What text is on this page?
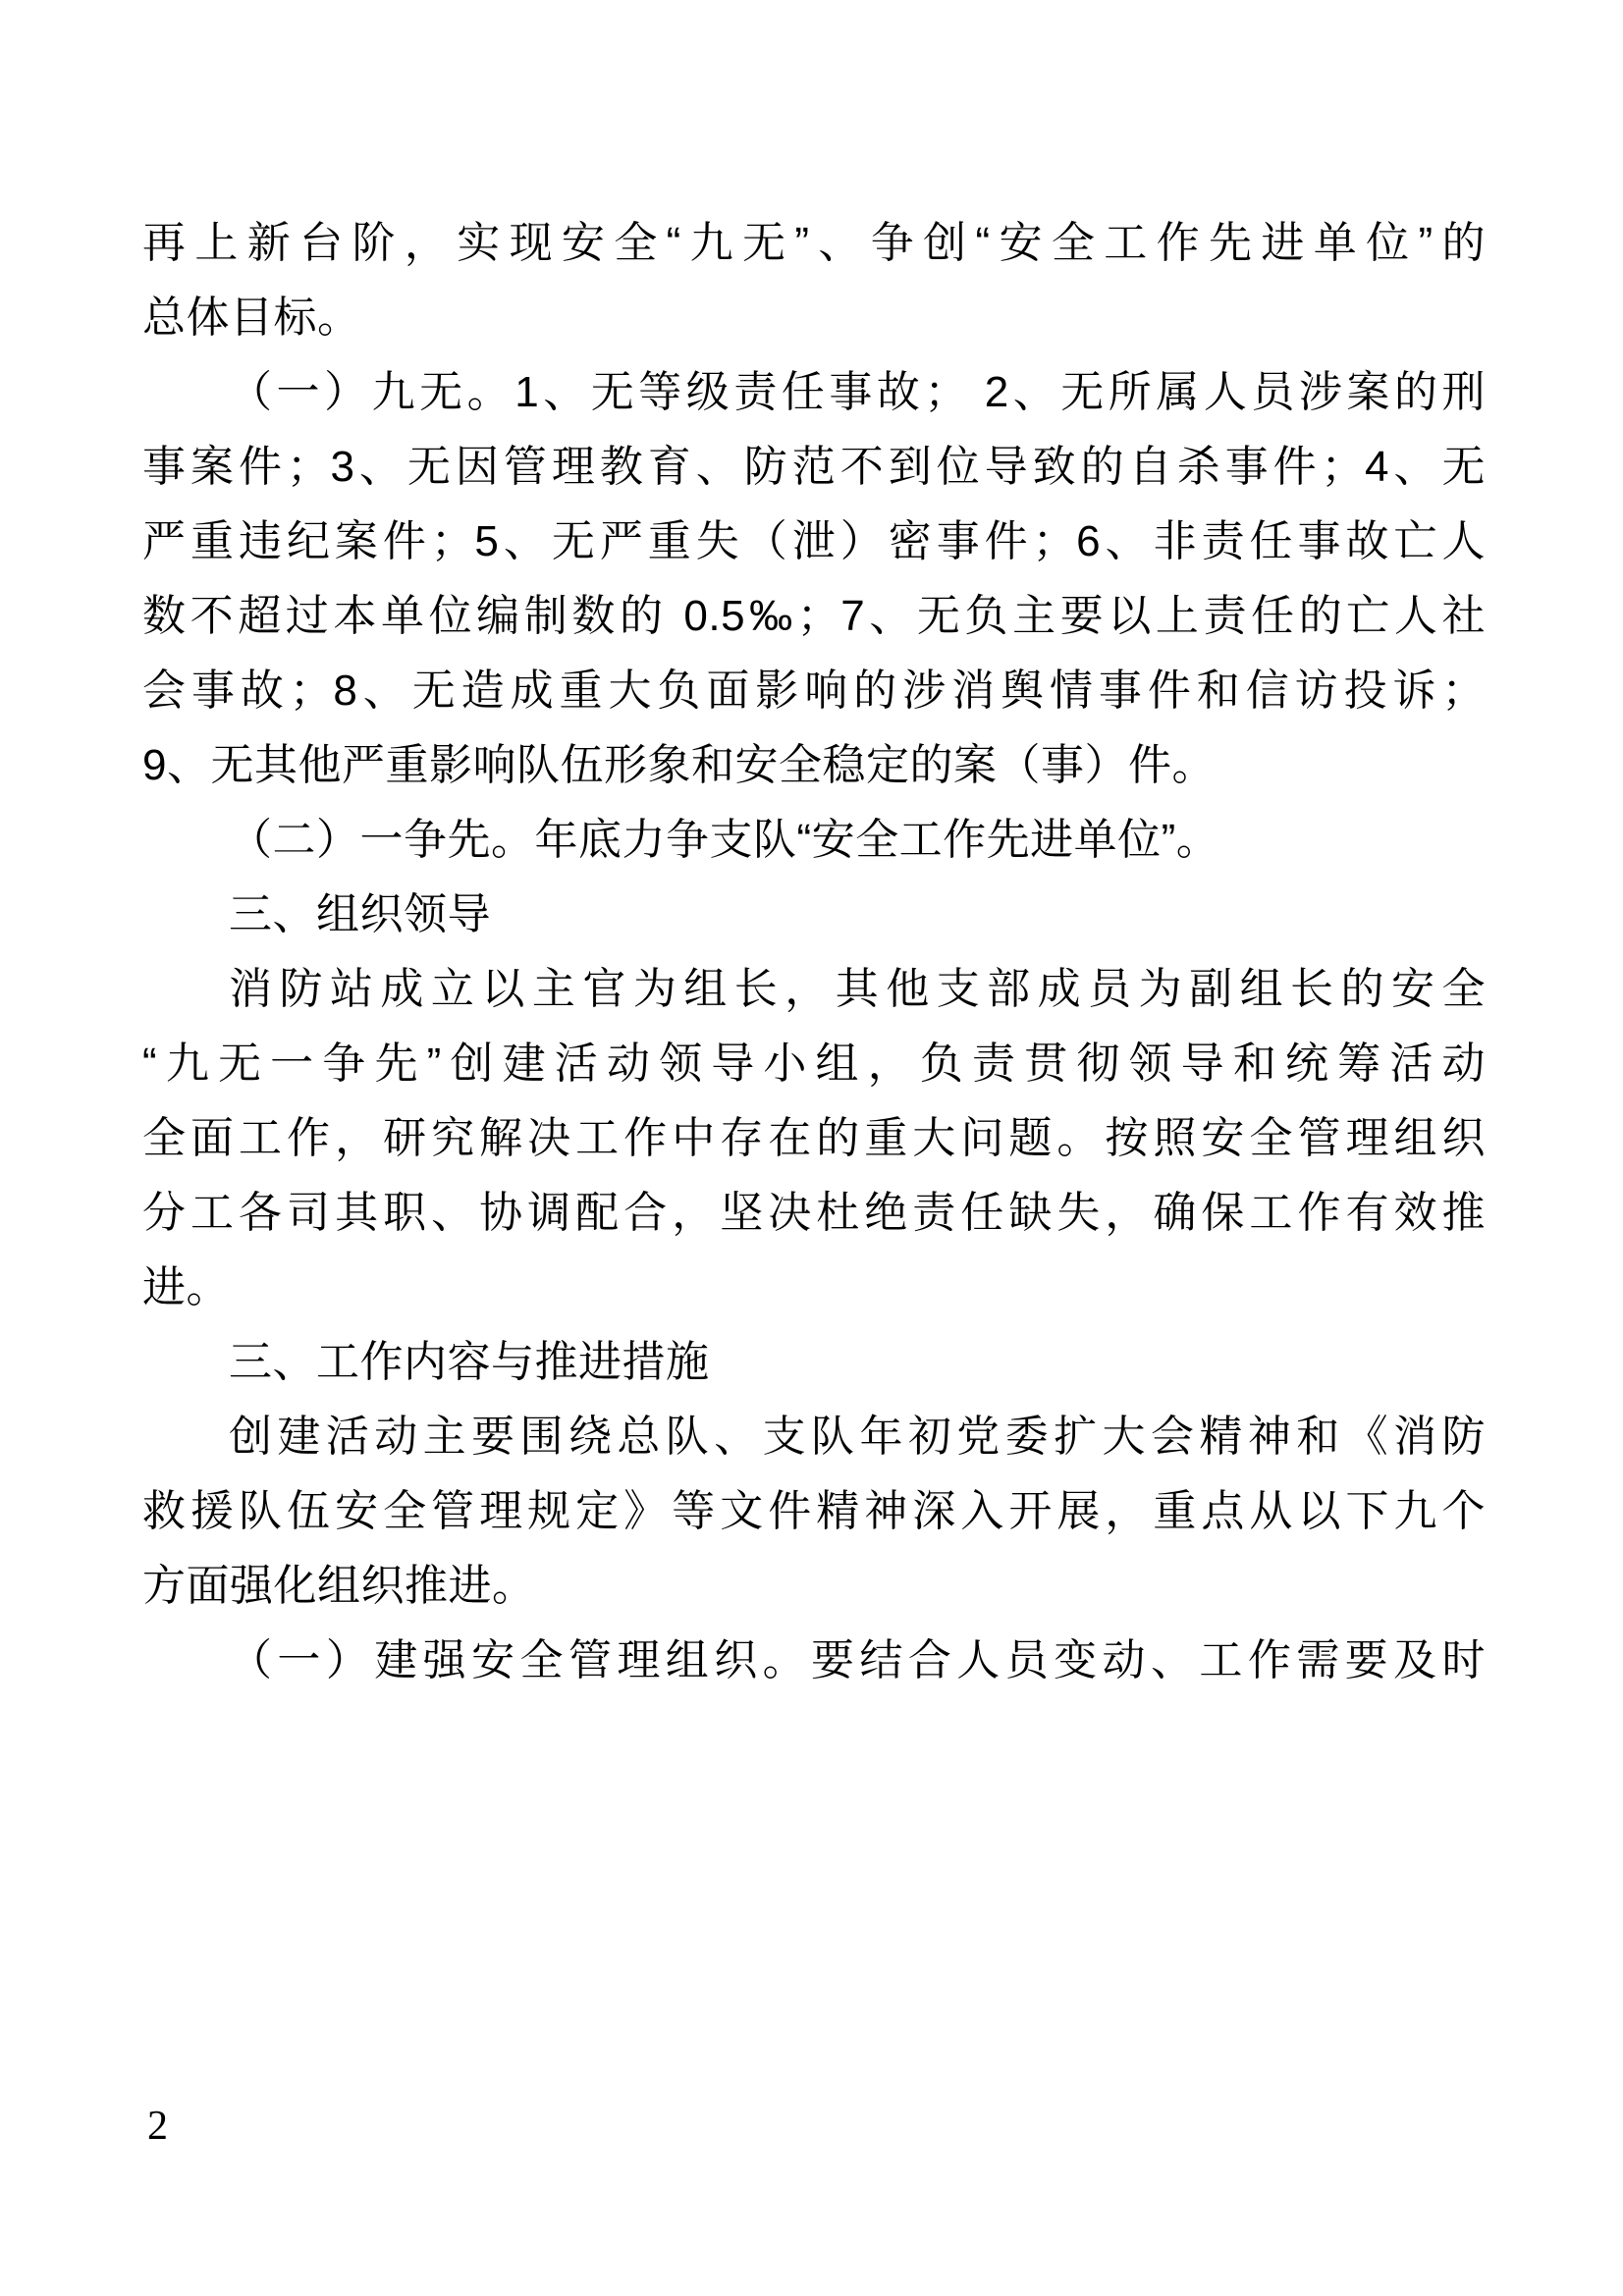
再上新台阶，实现安全“九无”、争创“安全工作先进单位”的
总体目标。
（一）九无。1、无等级责任事故； 2、无所属人员涉案的刑
事案件；3、无因管理教育、防范不到位导致的自杀事件；4、无
严重违纪案件；5、无严重失（泄）密事件；6、非责任事故亡人
数不超过本单位编制数的 0.5‰；7、无负主要以上责任的亡人社
会事故；8、无造成重大负面影响的涉消舆情事件和信访投诉；
9、无其他严重影响队伍形象和安全稳定的案（事）件。
（二）一争先。年底力争支队“安全工作先进单位”。
三、组织领导
消防站成立以主官为组长，其他支部成员为副组长的安全
“九无一争先”创建活动领导小组，负责贯彻领导和统筹活动
全面工作，研究解决工作中存在的重大问题。按照安全管理组织
分工各司其职、协调配合，坚决杜绝责任缺失，确保工作有效推
进。
三、工作内容与推进措施
创建活动主要围绕总队、支队年初党委扩大会精神和《消防
救援队伍安全管理规定》等文件精神深入开展，重点从以下九个
方面强化组织推进。
（一）建强安全管理组织。要结合人员变动、工作需要及时
2
